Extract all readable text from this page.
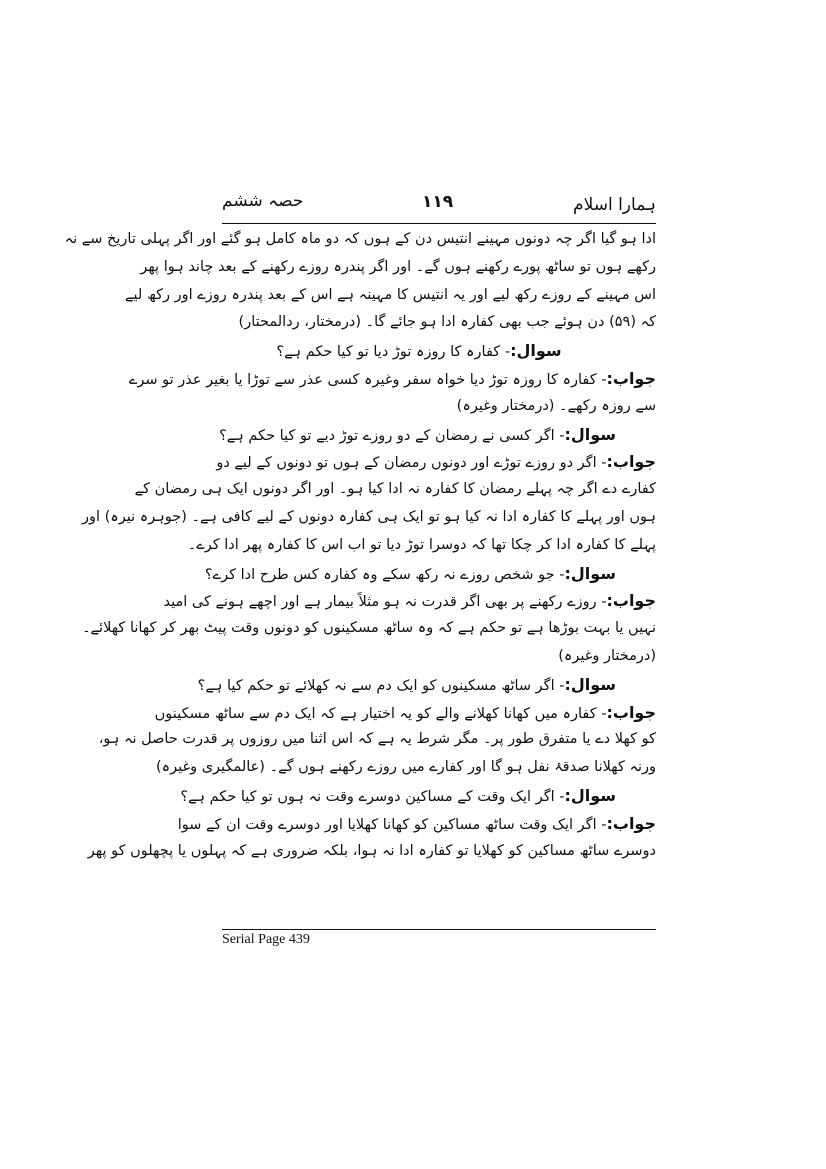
ہمارا اسلام
۱۱۹
حصہ ششم
ادا ہو گیا اگر چہ دونوں مہینے انتیس دن کے ہوں کہ دو ماہ کامل ہو گئے اور اگر پہلی تاریخ سے نہ
رکھے ہوں تو ساٹھ پورے رکھنے ہوں گے۔ اور اگر پندرہ روزے رکھنے کے بعد چاند ہوا پھر
اس مہینے کے روزے رکھ لیے اور یہ انتیس کا مہینہ ہے اس کے بعد پندرہ روزے اور رکھ لیے
کہ (۵۹) دن ہوئے جب بھی کفارہ ادا ہو جائے گا۔ (درمختار، ردالمحتار)
سوال:- کفارہ کا روزہ توڑ دیا تو کیا حکم ہے؟
جواب:- کفارہ کا روزہ توڑ دیا خواہ سفر وغیرہ کسی عذر سے توڑا یا بغیر عذر تو سرے
سے روزہ رکھے۔ (درمختار وغیرہ)
سوال:- اگر کسی نے رمضان کے دو روزے توڑ دیے تو کیا حکم ہے؟
جواب:- اگر دو روزے توڑے اور دونوں رمضان کے ہوں تو دونوں کے لیے دو
کفارے دے اگر چہ پہلے رمضان کا کفارہ نہ ادا کیا ہو۔ اور اگر دونوں ایک ہی رمضان کے
ہوں اور پہلے کا کفارہ ادا نہ کیا ہو تو ایک ہی کفارہ دونوں کے لیے کافی ہے۔ (جوہرہ نیرہ) اور
پہلے کا کفارہ ادا کر چکا تھا کہ دوسرا توڑ دیا تو اب اس کا کفارہ پھر ادا کرے۔
سوال:- جو شخص روزے نہ رکھ سکے وہ کفارہ کس طرح ادا کرے؟
جواب:- روزے رکھنے پر بھی اگر قدرت نہ ہو مثلاً بیمار ہے اور اچھے ہونے کی امید
نہیں یا بہت بوڑھا ہے تو حکم ہے کہ وہ ساٹھ مسکینوں کو دونوں وقت پیٹ بھر کر کھانا کھلائے۔
(درمختار وغیرہ)
سوال:- اگر ساٹھ مسکینوں کو ایک دم سے نہ کھلائے تو حکم کیا ہے؟
جواب:- کفارہ میں کھانا کھلانے والے کو یہ اختیار ہے کہ ایک دم سے ساٹھ مسکینوں
کو کھلا دے یا متفرق طور پر۔ مگر شرط یہ ہے کہ اس اثنا میں روزوں پر قدرت حاصل نہ ہو،
ورنہ کھلانا صدقۂ نفل ہو گا اور کفارے میں روزے رکھنے ہوں گے۔ (عالمگیری وغیرہ)
سوال:- اگر ایک وقت کے مساکین دوسرے وقت نہ ہوں تو کیا حکم ہے؟
جواب:- اگر ایک وقت ساٹھ مساکین کو کھانا کھلایا اور دوسرے وقت ان کے سوا
دوسرے ساٹھ مساکین کو کھلایا تو کفارہ ادا نہ ہوا، بلکہ ضروری ہے کہ پہلوں یا پچھلوں کو پھر
Serial Page 439
